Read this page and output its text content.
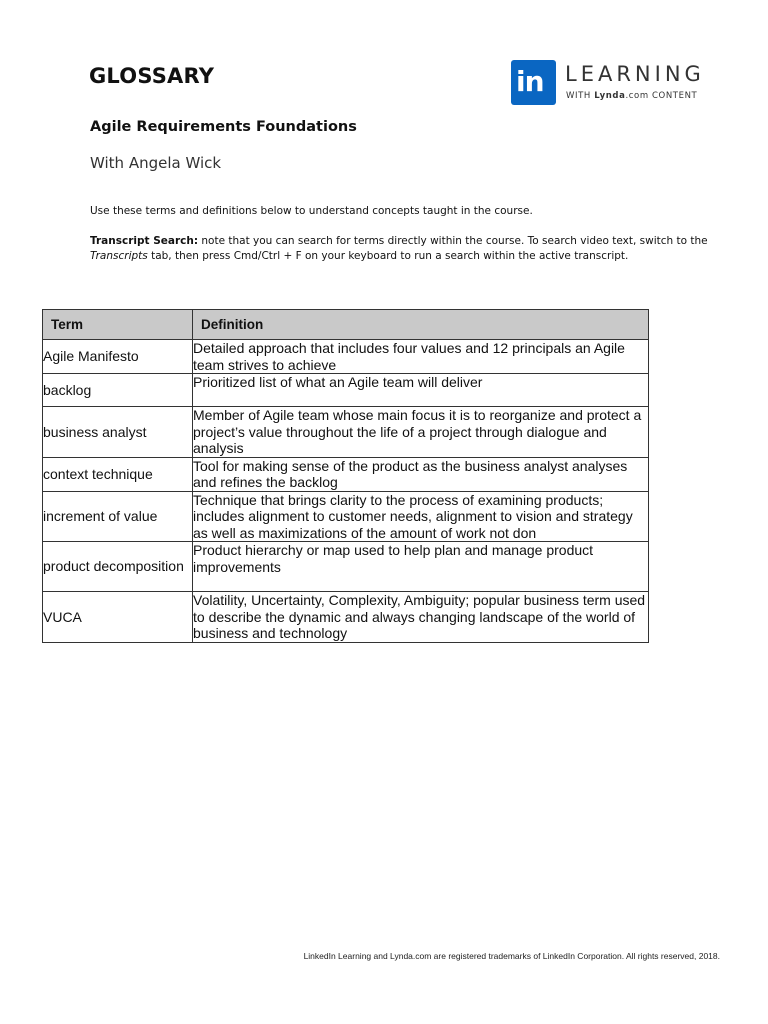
GLOSSARY	in LEARNING
WITH Lynda.com CONTENT
Agile Requirements Foundations
With Angela Wick
Use these terms and definitions below to understand concepts taught in the course.
Transcript Search: note that you can search for terms directly within the course. To search video text, switch to the Transcripts tab, then press Cmd/Ctrl + F on your keyboard to run a search within the active transcript.
Term	Definition
Agile Manifesto	Detailed approach that includes four values and 12 principals an Agile team strives to achieve
backlog	Prioritized list of what an Agile team will deliver
business analyst	Member of Agile team whose main focus it is to reorganize and protect a project’s value throughout the life of a project through dialogue and analysis
context technique	Tool for making sense of the product as the business analyst analyses and refines the backlog
increment of value	Technique that brings clarity to the process of examining products; includes alignment to customer needs, alignment to vision and strategy as well as maximizations of the amount of work not don
product decomposition	Product hierarchy or map used to help plan and manage product improvements
VUCA	Volatility, Uncertainty, Complexity, Ambiguity; popular business term used to describe the dynamic and always changing landscape of the world of business and technology
LinkedIn Learning and Lynda.com are registered trademarks of LinkedIn Corporation. All rights reserved, 2018.
